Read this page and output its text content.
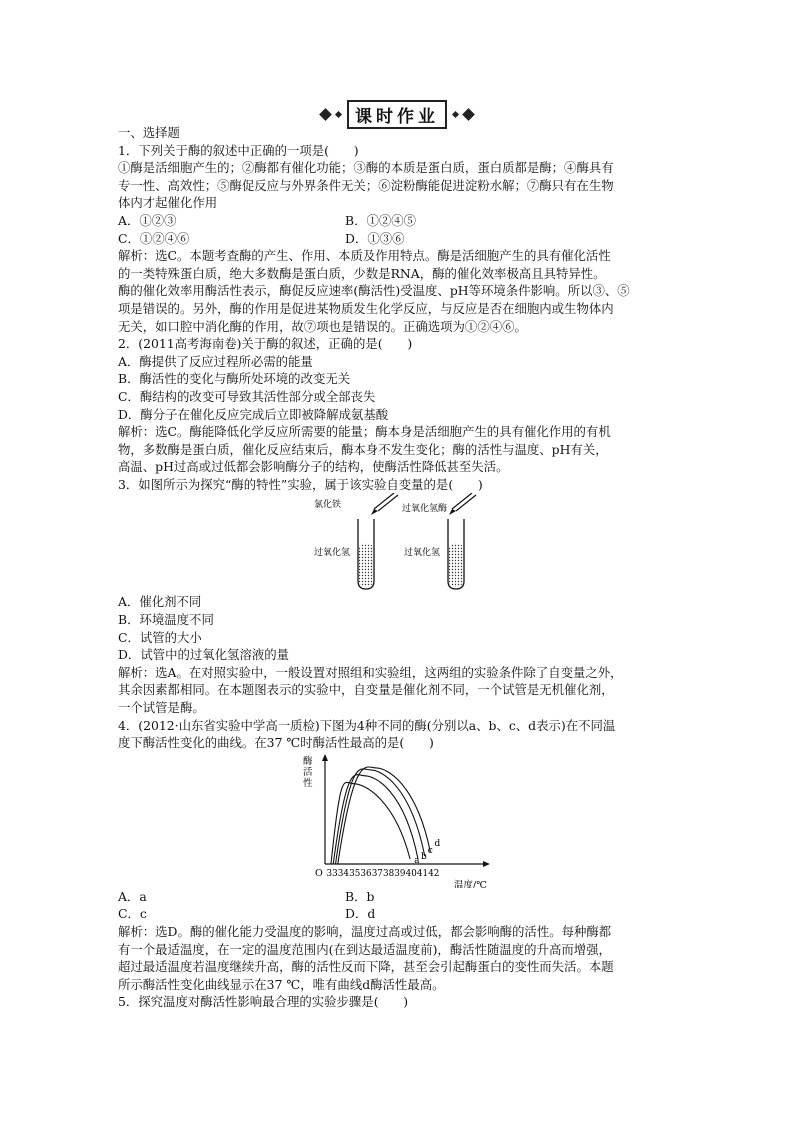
课时作业
一、选择题
1．下列关于酶的叙述中正确的一项是(　　)
①酶是活细胞产生的；②酶都有催化功能；③酶的本质是蛋白质，蛋白质都是酶；④酶具有
专一性、高效性；⑤酶促反应与外界条件无关；⑥淀粉酶能促进淀粉水解；⑦酶只有在生物
体内才起催化作用
A．①②③	B．①②④⑤
C．①②④⑥	D．①③⑥
解析：选C。本题考查酶的产生、作用、本质及作用特点。酶是活细胞产生的具有催化活性
的一类特殊蛋白质，绝大多数酶是蛋白质，少数是RNA，酶的催化效率极高且具特异性。
酶的催化效率用酶活性表示，酶促反应速率(酶活性)受温度、pH等环境条件影响。所以③、⑤
项是错误的。另外，酶的作用是促进某物质发生化学反应，与反应是否在细胞内或生物体内
无关，如口腔中消化酶的作用，故⑦项也是错误的。正确选项为①②④⑥。
2．(2011高考海南卷)关于酶的叙述，正确的是(　　)
A．酶提供了反应过程所必需的能量
B．酶活性的变化与酶所处环境的改变无关
C．酶结构的改变可导致其活性部分或全部丧失
D．酶分子在催化反应完成后立即被降解成氨基酸
解析：选C。酶能降低化学反应所需要的能量；酶本身是活细胞产生的具有催化作用的有机
物，多数酶是蛋白质，催化反应结束后，酶本身不发生变化；酶的活性与温度、pH有关，
高温、pH过高或过低都会影响酶分子的结构，使酶活性降低甚至失活。
3．如图所示为探究“酶的特性”实验，属于该实验自变量的是(　　)
氯化铁	过氧化氢酶
过氧化氢	过氧化氢
A．催化剂不同
B．环境温度不同
C．试管的大小
D．试管中的过氧化氢溶液的量
解析：选A。在对照实验中，一般设置对照组和实验组，这两组的实验条件除了自变量之外，
其余因素都相同。在本题图表示的实验中，自变量是催化剂不同，一个试管是无机催化剂，
一个试管是酶。
4．(2012·山东省实验中学高一质检)下图为4种不同的酶(分别以a、b、c、d表示)在不同温
度下酶活性变化的曲线。在37 ℃时酶活性最高的是(　　)
33 34 35 36 37 38 39 40 41 42
a b
c
d
O
酶
活
性
温度/℃
A．a	B．b
C．c	D．d
解析：选D。酶的催化能力受温度的影响，温度过高或过低，都会影响酶的活性。每种酶都
有一个最适温度，在一定的温度范围内(在到达最适温度前)，酶活性随温度的升高而增强，
超过最适温度若温度继续升高，酶的活性反而下降，甚至会引起酶蛋白的变性而失活。本题
所示酶活性变化曲线显示在37 ℃，唯有曲线d酶活性最高。
5．探究温度对酶活性影响最合理的实验步骤是(　　)
